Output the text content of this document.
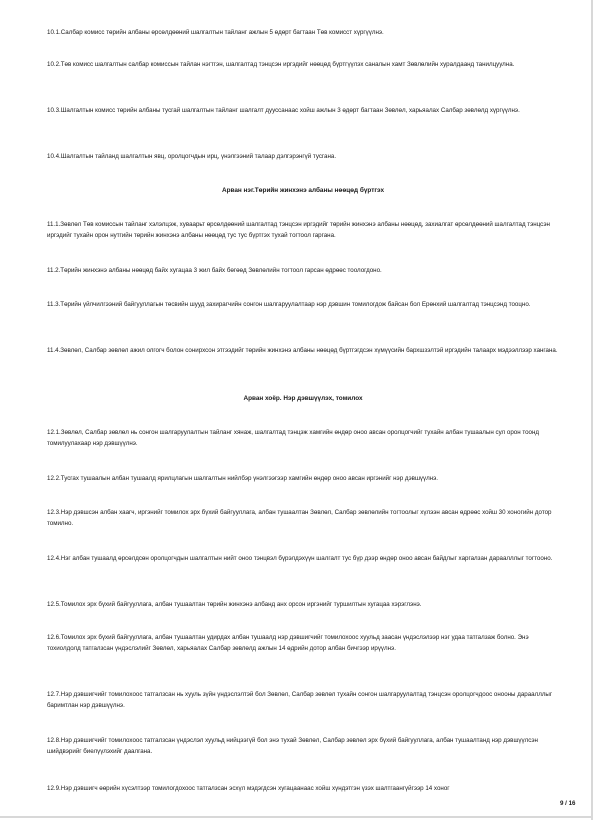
10.1.Салбар комисс төрийн албаны өрсөлдөөний шалгалтын тайланг ажлын 5 өдөрт багтаан Төв комисст хүргүүлнэ.

10.2.Төв комисс шалгалтын салбар комиссын тайлан нэгтгэн, шалгалтад тэнцсэн иргэдийг нөөцөд бүртгүүлэх саналын хамт Зөвлөлийн хуралдаанд танилцуулна.

10.3.Шалгалтын комисс төрийн албаны тусгай шалгалтын тайланг шалгалт дууссанаас хойш ажлын 3 өдөрт багтаан Зөвлөл, харьяалах Салбар зөвлөлд хүргүүлнэ.

10.4.Шалгалтын тайланд шалгалтын явц, оролцогчдын ирц, үнэлгээний талаар дэлгэрэнгүй тусгана.

Арван нэг.Төрийн жинхэнэ албаны нөөцөд бүртгэх

11.1.Зөвлөл Төв комиссын тайланг хэлэлцэж, хуваарьт өрсөлдөөний шалгалтад тэнцсэн иргэдийг төрийн жинхэнэ албаны нөөцөд, захиалгат өрсөлдөөний шалгалтад тэнцсэн иргэдийг тухайн орон нутгийн төрийн жинхэнэ албаны нөөцөд тус тус бүртгэх тухай тогтоол гаргана.

11.2.Төрийн жинхэнэ албаны нөөцөд байх хугацаа 3 жил байх бөгөөд Зөвлөлийн тогтоол гарсан өдрөөс тоологдоно.

11.3.Төрийн үйлчилгээний байгууллагын төсвийн шууд захирагчийн сонгон шалгаруулалтаар нэр дэвшин томилогдож байсан бол Ерөнхий шалгалтад тэнцсэнд тооцно.

11.4.Зөвлөл, Салбар зөвлөл ажил олгогч болон сонирхсон этгээдийг төрийн жинхэнэ албаны нөөцөд бүртгэгдсэн хүмүүсийн бархшзэлтэй иргэдийн талаарх мэдээллээр хангана.

Арван хоёр. Нэр дэвшүүлэх, томилох

12.1.Зөвлөл, Салбар зөвлөл нь сонгон шалгаруулалтын тайланг хянаж, шалгалтад тэнцэж хамгийн өндөр оноо авсан оролцогчийг тухайн албан тушаалын сул орон тоонд томилуулахаар нэр дэвшүүлнэ.

12.2.Тусгах тушаалын албан тушаалд ярилцлагын шалгалтын нийлбэр үнэлгээгээр хамгийн өндөр оноо авсан иргэнийг нэр дэвшүүлнэ.

12.3.Нэр дэвшсэн албан хаагч, иргэнийг томилох эрх бүхий байгууллага, албан тушаалтан Зөвлөл, Салбар зөвлөлийн тогтоолыг хүлээн авсан өдрөөс хойш 30 хоногийн дотор томилно.

12.4.Нэг албан тушаалд өрсөлдсөн оролцогчдын шалгалтын нийт оноо тэнцвэл бүрэлдэхүүн шалгалт тус бүр дээр өндөр оноо авсан байдлыг харгалзан дараалллыг тогтооно.

12.5.Томилох эрх бүхий байгууллага, албан тушаалтан төрийн жинхэнэ албанд анх орсон иргэнийг туршилтын хугацаа хэрэглэнэ.

12.6.Томилох эрх бүхий байгууллага, албан тушаалтан удирдах албан тушаалд нэр дэвшигчийг томилохоос хуульд заасан үндэслэлээр нэг удаа татгалзаж болно. Энэ тохиолдолд татгалзсан үндэслэлийг Зөвлөл, харьяалах Салбар зөвлөлд ажлын 14 өдрийн дотор албан бичгээр ирүүлнэ.

12.7.Нэр дэвшигчийг томилохоос татгалзсан нь хууль зүйн үндэслэлтэй бол Зөвлөл, Салбар зөвлөл тухайн сонгон шалгаруулалтад тэнцсэн оролцогчдоос онооны дараалллыг баримтлан нэр дэвшүүлнэ.

12.8.Нэр дэвшигчийг томилохоос татгалзсан үндэслэл хуульд нийцээгүй бол энэ тухай Зөвлөл, Салбар зөвлөл эрх бүхий байгууллага, албан тушаалтанд нэр дэвшүүлсэн шийдвэрийг биелүүлэхийг даалгана.

12.9.Нэр дэвшигч өөрийн хүсэлтээр томилогдохоос татгалзсан эсхүл мэдэгдсэн хугацаанаас хойш хүндэтгэн үзэх шалтгаангүйгээр 14 хоног

9 / 16
